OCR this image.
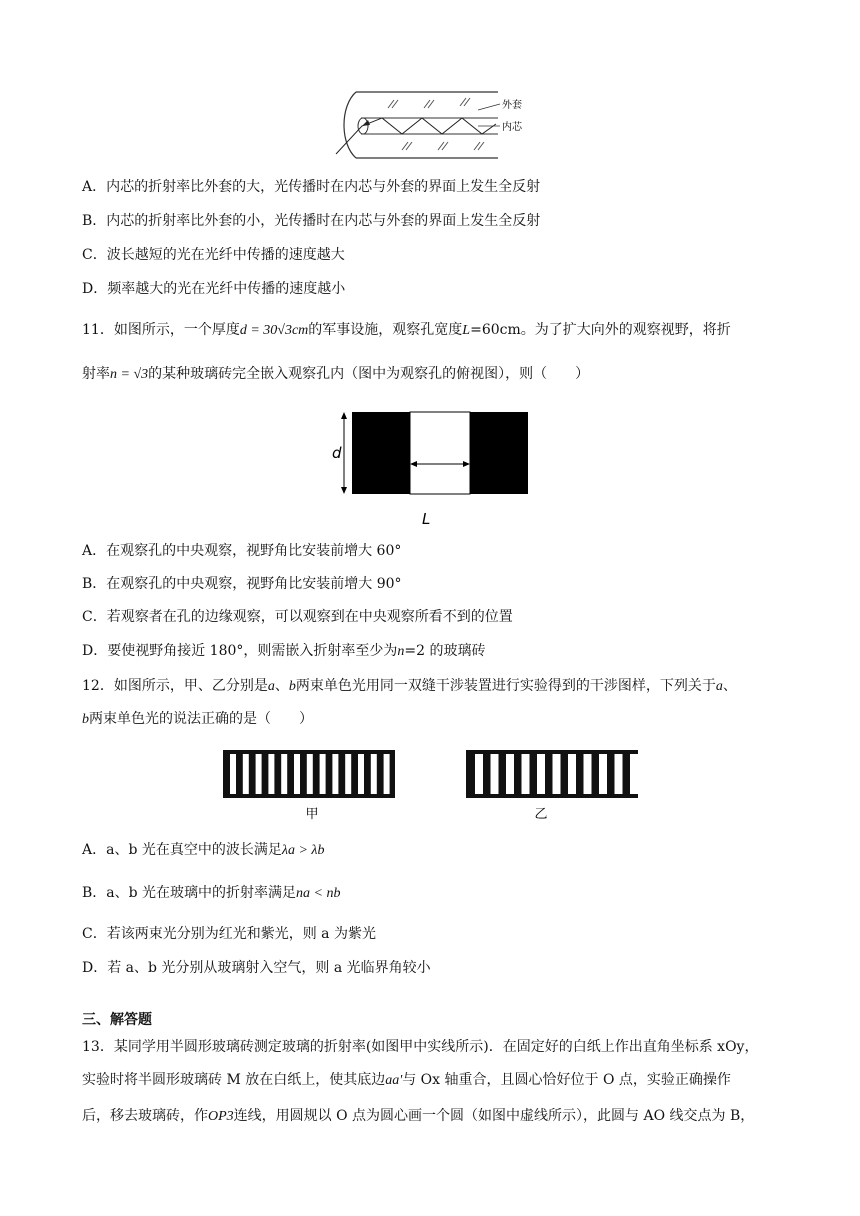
外套
内芯
A．内芯的折射率比外套的大，光传播时在内芯与外套的界面上发生全反射
B．内芯的折射率比外套的小，光传播时在内芯与外套的界面上发生全反射
C．波长越短的光在光纤中传播的速度越大
D．频率越大的光在光纤中传播的速度越小
11．如图所示，一个厚度d = 30√3cm的军事设施，观察孔宽度L=60cm。为了扩大向外的观察视野，将折
射率n = √3的某种玻璃砖完全嵌入观察孔内（图中为观察孔的俯视图），则（　　）
d
L
A．在观察孔的中央观察，视野角比安装前增大 60°
B．在观察孔的中央观察，视野角比安装前增大 90°
C．若观察者在孔的边缘观察，可以观察到在中央观察所看不到的位置
D．要使视野角接近 180°，则需嵌入折射率至少为n=2 的玻璃砖
12．如图所示，甲、乙分别是a、b两束单色光用同一双缝干涉装置进行实验得到的干涉图样，下列关于a、
b两束单色光的说法正确的是（　　）
甲	乙
A．a、b 光在真空中的波长满足λa > λb
B．a、b 光在玻璃中的折射率满足na < nb
C．若该两束光分别为红光和紫光，则 a 为紫光
D．若 a、b 光分别从玻璃射入空气，则 a 光临界角较小
三、解答题
13．某同学用半圆形玻璃砖测定玻璃的折射率(如图甲中实线所示)．在固定好的白纸上作出直角坐标系 xOy，
实验时将半圆形玻璃砖 M 放在白纸上，使其底边aa'与 Ox 轴重合，且圆心恰好位于 O 点，实验正确操作
后，移去玻璃砖，作OP3连线，用圆规以 O 点为圆心画一个圆（如图中虚线所示），此圆与 AO 线交点为 B，
